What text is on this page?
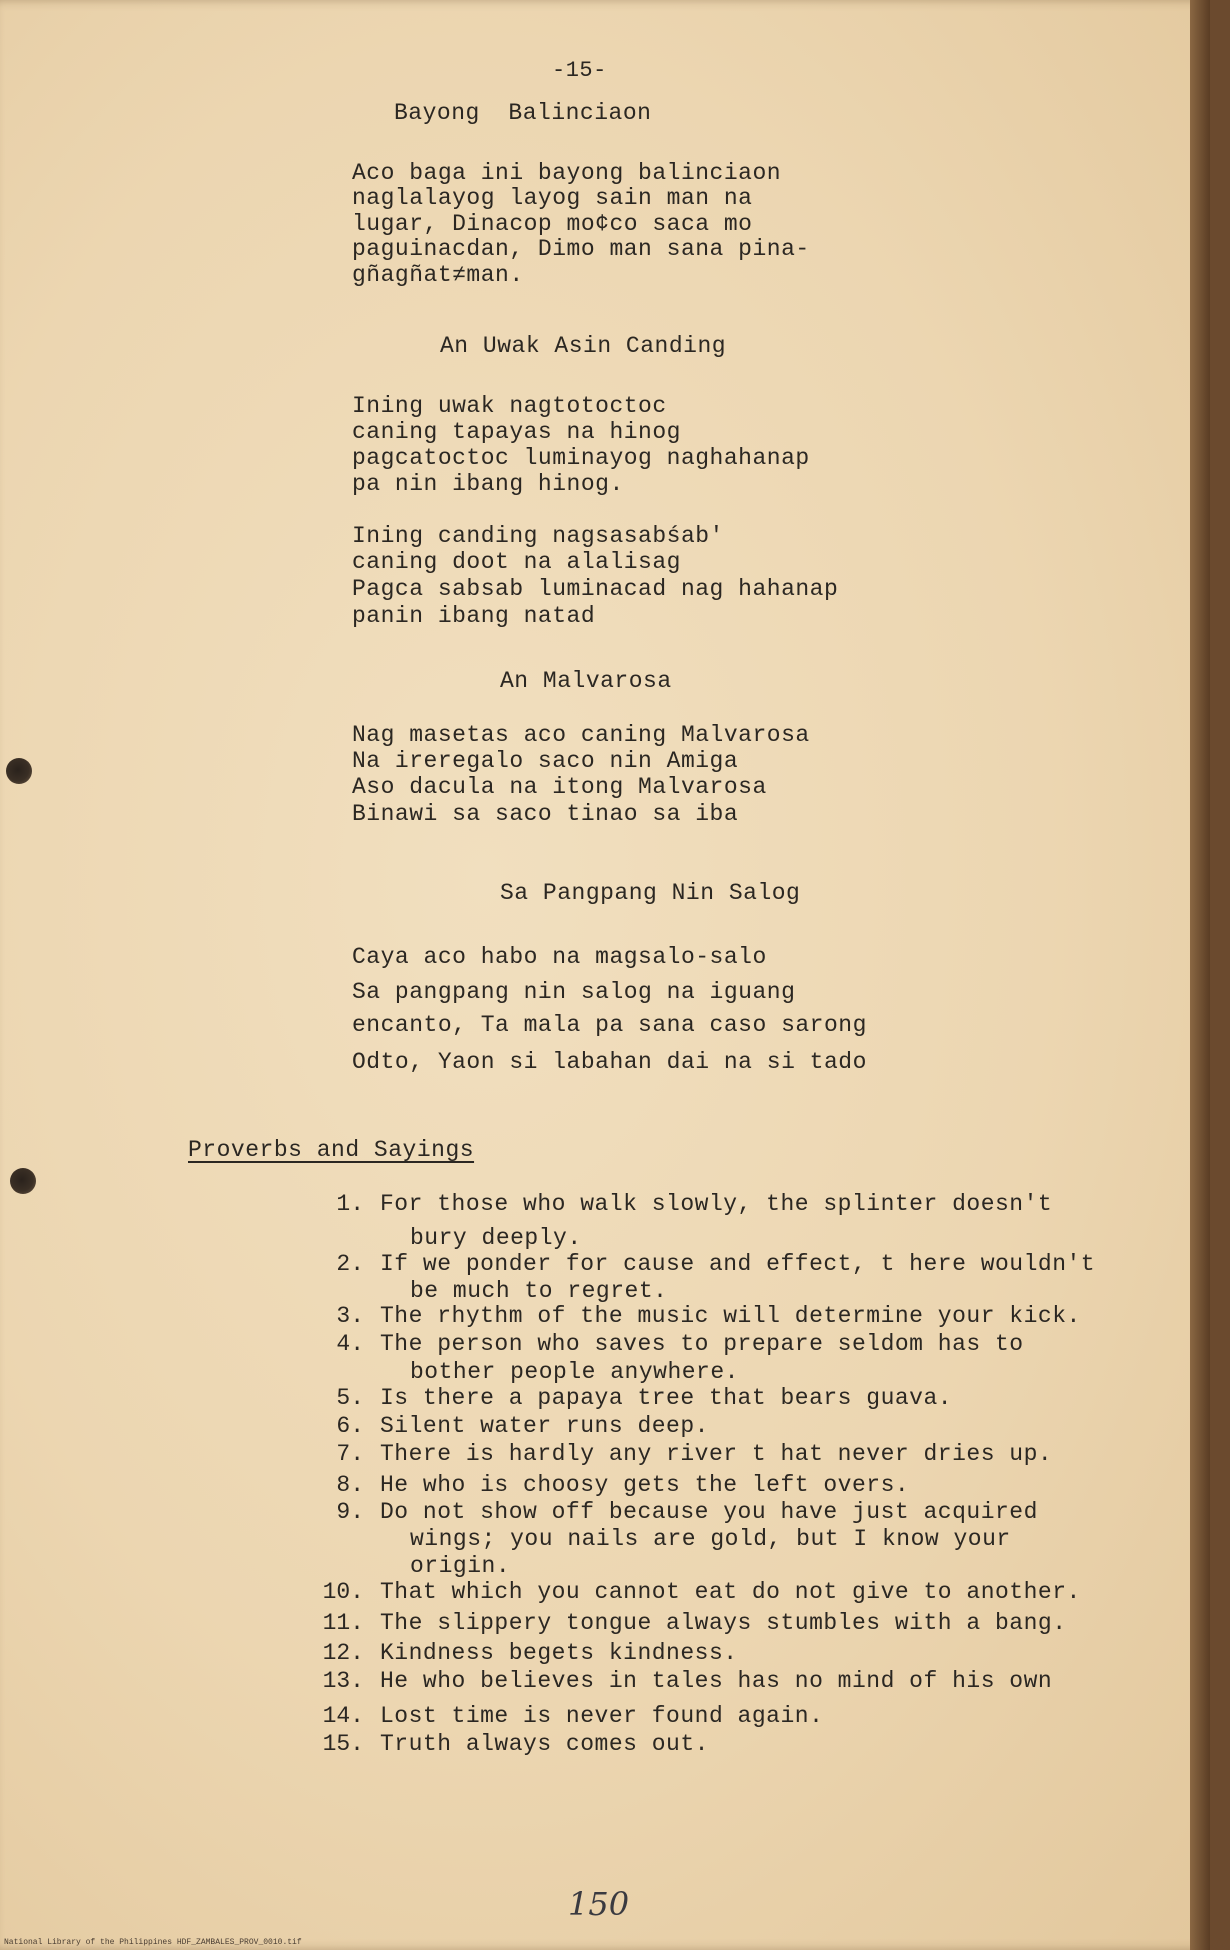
-15-
Bayong  Balinciaon
Aco baga ini bayong balinciaon
naglalayog layog sain man na
lugar, Dinacop mo¢co saca mo
paguinacdan, Dimo man sana pina-
gñagñat≠man.
An Uwak Asin Canding
Ining uwak nagtotoctoc
caning tapayas na hinog
pagcatoctoc luminayog naghahanap
pa nin ibang hinog.
Ining canding nagsasabśab'
caning doot na alalisag
Pagca sabsab luminacad nag hahanap
panin ibang natad
An Malvarosa
Nag masetas aco caning Malvarosa
Na ireregalo saco nin Amiga
Aso dacula na itong Malvarosa
Binawi sa saco tinao sa iba
Sa Pangpang Nin Salog
Caya aco habo na magsalo-salo
Sa pangpang nin salog na iguang
encanto, Ta mala pa sana caso sarong
Odto, Yaon si labahan dai na si tado
Proverbs and Sayings
1. For those who walk slowly, the splinter doesn't
bury deeply.
2. If we ponder for cause and effect, t here wouldn't
be much to regret.
3. The rhythm of the music will determine your kick.
4. The person who saves to prepare seldom has to
bother people anywhere.
5. Is there a papaya tree that bears guava.
6. Silent water runs deep.
7. There is hardly any river t hat never dries up.
8. He who is choosy gets the left overs.
9. Do not show off because you have just acquired
wings; you nails are gold, but I know your
origin.
10. That which you cannot eat do not give to another.
11. The slippery tongue always stumbles with a bang.
12. Kindness begets kindness.
13. He who believes in tales has no mind of his own
14. Lost time is never found again.
15. Truth always comes out.
150
National Library of the Philippines HDF_ZAMBALES_PROV_0010.tif
